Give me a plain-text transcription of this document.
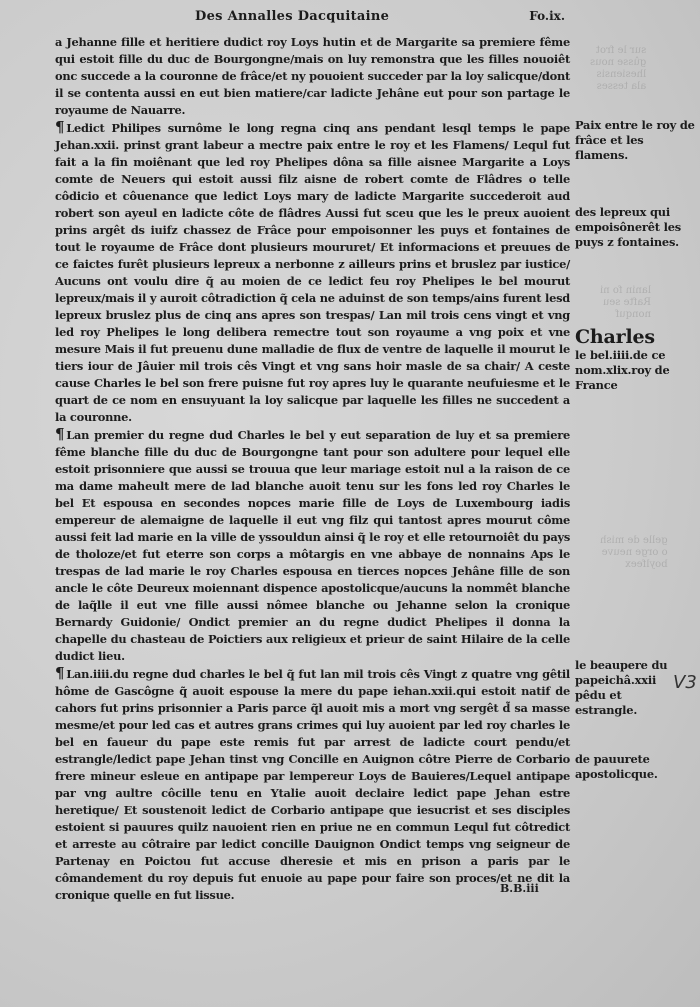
sur le frot
gûsse nous
lhesiensis
ala tesses
lanin fo ni
Rafte seu
nonquf
gelle de mish
o orge neuve
boylfeex
Des Annalles Dacquitaine	Fo.ix.

a Jehanne fille et heritiere dudict roy Loys hutin et de Margarite sa premiere fême qui estoit fille du duc de Bourgongne/mais on luy remonstra que les filles nouoiêt onc succede a la couronne de frâce/et ny pouoient succeder par la loy salicque/dont il se contenta aussi en eut bien matiere/car ladicte Jehâne eut pour son partage le royaume de Nauarre.

¶ Ledict Philipes surnôme le long regna cinq ans pendant lesql temps le pape Jehan.xxii. prinst grant labeur a mectre paix entre le roy et les Flamens/ Lequl fut fait a la fin moiênant que led roy Phelipes dôna sa fille aisnee Margarite a Loys comte de Neuers qui estoit aussi filz aisne de robert comte de Flâdres o telle côdicio et côuenance que ledict Loys mary de ladicte Margarite succederoit aud robert son ayeul en ladicte côte de flâdres Aussi fut sceu que les le preux auoient prins argêt ds iuifz chassez de Frâce pour empoisonner les puys et fontaines de tout le royaume de Frâce dont plusieurs moururet/ Et informacions et preuues de ce faictes furêt plusieurs lepreux a nerbonne z ailleurs prins et bruslez par iustice/ Aucuns ont voulu dire q̃ au moien de ce ledict feu roy Phelipes le bel mourut lepreux/mais il y auroit côtradiction q̃ cela ne aduinst de son temps/ains furent lesd lepreux bruslez plus de cinq ans apres son trespas/ Lan mil trois cens vingt et vng led roy Phelipes le long delibera remectre tout son royaume a vng poix et vne mesure Mais il fut preuenu dune malladie de flux de ventre de laquelle il mourut le tiers iour de Jâuier mil trois cês Vingt et vng sans hoir masle de sa chair/ A ceste cause Charles le bel son frere puisne fut roy apres luy le quarante neufuiesme et le quart de ce nom en ensuyuant la loy salicque par laquelle les filles ne succedent a la couronne.

¶ Lan premier du regne dud Charles le bel y eut separation de luy et sa premiere fême blanche fille du duc de Bourgongne tant pour son adultere pour lequel elle estoit prisonniere que aussi se trouua que leur mariage estoit nul a la raison de ce ma dame maheult mere de lad blanche auoit tenu sur les fons led roy Charles le bel Et espousa en secondes nopces marie fille de Loys de Luxembourg iadis empereur de alemaigne de laquelle il eut vng filz qui tantost apres mourut côme aussi feit lad marie en la ville de yssouldun ainsi q̃ le roy et elle retournoiêt du pays de tholoze/et fut eterre son corps a môtargis en vne abbaye de nonnains Aps le trespas de lad marie le roy Charles espousa en tierces nopces Jehâne fille de son ancle le côte Deureux moiennant dispence apostolicque/aucuns la nommêt blanche de laq̃lle il eut vne fille aussi nômee blanche ou Jehanne selon la cronique Bernardy Guidonie/ Ondict premier an du regne dudict Phelipes il donna la chapelle du chasteau de Poictiers aux religieux et prieur de saint Hilaire de la celle dudict lieu.

¶ Lan.iiii.du regne dud charles le bel q̃ fut lan mil trois cês Vingt z quatre vng gêtil hôme de Gascôgne q̃ auoit espouse la mere du pape iehan.xxii.qui estoit natif de cahors fut prins prisonnier a Paris parce q̃l auoit mis a mort vng sergêt d̃ sa masse mesme/et pour led cas et autres grans crimes qui luy auoient par led roy charles le bel en faueur du pape este remis fut par arrest de ladicte court pendu/et estrangle/ledict pape Jehan tinst vng Concille en Auignon côtre Pierre de Corbario frere mineur esleue en antipape par lempereur Loys de Bauieres/Lequel antipape par vng aultre côcille tenu en Ytalie auoit declaire ledict pape Jehan estre heretique/ Et soustenoit ledict de Corbario antipape que iesucrist et ses disciples estoient si pauures quilz nauoient rien en priue ne en commun Lequl fut côtredict et arreste au côtraire par ledict concille Dauignon Ondict temps vng seigneur de Partenay en Poictou fut accuse dheresie et mis en prison a paris par le cômandement du roy depuis fut enuoie au pape pour faire son proces/et ne dit la cronique quelle en fut lissue.

Paix entre le roy de frâce et les flamens.
des lepreux qui empoisônerêt les puys z fontaines.
Charles
le bel.iiii.de ce nom.xlix.roy de France
le beaupere du papeichâ.xxii pêdu et estrangle.
de pauurete apostolicque.
V3
B.B.iii
